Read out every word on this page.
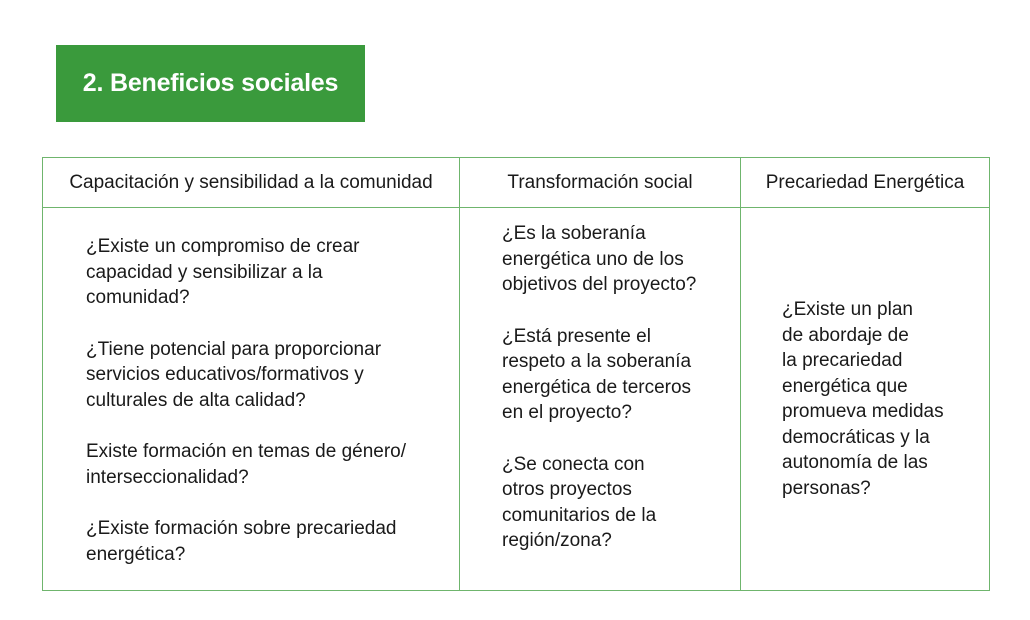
2. Beneficios sociales
Capacitación y sensibilidad a la comunidad	Transformación social	Precariedad Energética

¿Existe un compromiso de crear
capacidad y sensibilizar a la
comunidad?

¿Tiene potencial para proporcionar
servicios educativos/formativos y
culturales de alta calidad?

Existe formación en temas de género/
interseccionalidad?

¿Existe formación sobre precariedad
energética?

¿Es la soberanía
energética uno de los
objetivos del proyecto?

¿Está presente el
respeto a la soberanía
energética de terceros
en el proyecto?

¿Se conecta con
otros proyectos
comunitarios de la
región/zona?

¿Existe un plan
de abordaje de
la precariedad
energética que
promueva medidas
democráticas y la
autonomía de las
personas?
